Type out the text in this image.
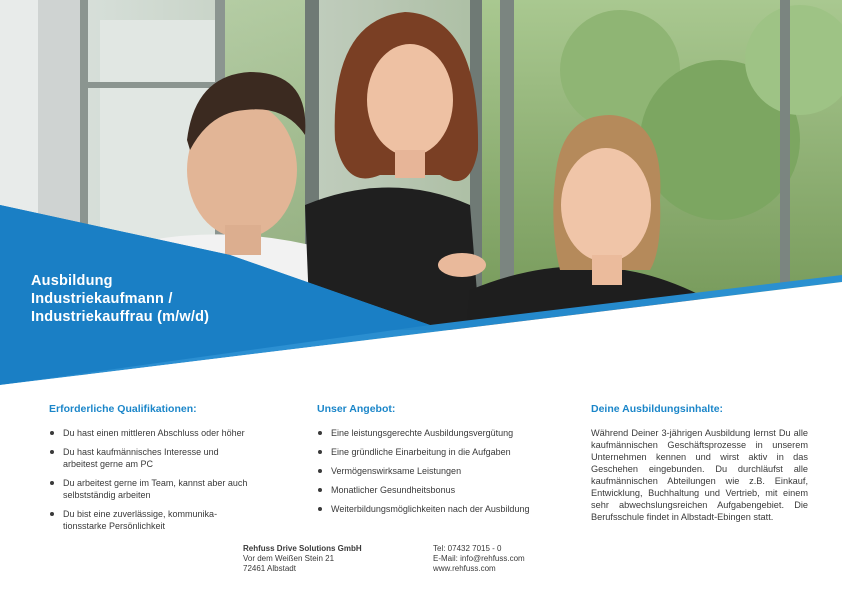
Ausbildung
Industriekaufmann /
Industriekauffrau (m/w/d)
Erforderliche Qualifikationen:
Du hast einen mittleren Abschluss oder höher
Du hast kaufmännisches Interesse und arbeitest gerne am PC
Du arbeitest gerne im Team, kannst aber auch selbstständig arbeiten
Du bist eine zuverlässige, kommunika-tionsstarke Persönlichkeit
Unser Angebot:
Eine leistungsgerechte Ausbildungsvergütung
Eine gründliche Einarbeitung in die Aufgaben
Vermögenswirksame Leistungen
Monatlicher Gesundheitsbonus
Weiterbildungsmöglichkeiten nach der Ausbildung
Deine Ausbildungsinhalte:

Während Deiner 3-jährigen Ausbildung lernst Du alle kaufmännischen Geschäftsprozesse in unserem Unternehmen kennen und wirst aktiv in das Geschehen eingebunden. Du durchläufst alle kaufmännischen Abteilungen wie z.B. Einkauf, Entwicklung, Buchhaltung und Vertrieb, mit einem sehr abwechslungsreichen Aufgabengebiet. Die Berufsschule findet in Albstadt-Ebingen statt.

Rehfuss Drive Solutions GmbH
Vor dem Weißen Stein 21
72461 Albstadt
Tel: 07432 7015 - 0
E-Mail: info@rehfuss.com
www.rehfuss.com
